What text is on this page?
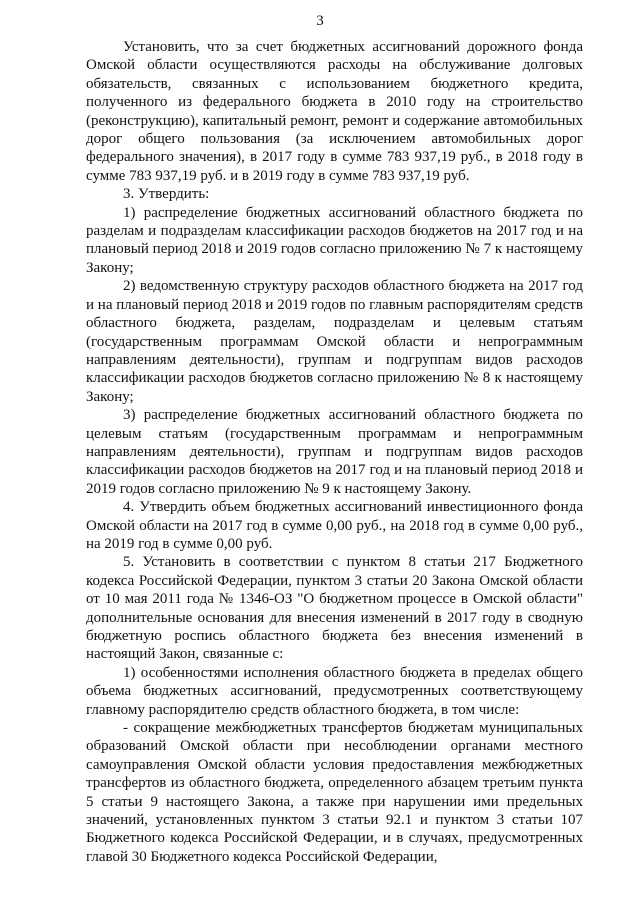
3

Установить, что за счет бюджетных ассигнований дорожного фонда Омской области осуществляются расходы на обслуживание долговых обязательств, связанных с использованием бюджетного кредита, полученного из федерального бюджета в 2010 году на строительство (реконструкцию), капитальный ремонт, ремонт и содержание автомобильных дорог общего пользования (за исключением автомобильных дорог федерального значения), в 2017 году в сумме 783 937,19 руб., в 2018 году в сумме 783 937,19 руб. и в 2019 году в сумме 783 937,19 руб.

3. Утвердить:

1) распределение бюджетных ассигнований областного бюджета по разделам и подразделам классификации расходов бюджетов на 2017 год и на плановый период 2018 и 2019 годов согласно приложению № 7 к настоящему Закону;

2) ведомственную структуру расходов областного бюджета на 2017 год и на плановый период 2018 и 2019 годов по главным распорядителям средств областного бюджета, разделам, подразделам и целевым статьям (государственным программам Омской области и непрограммным направлениям деятельности), группам и подгруппам видов расходов классификации расходов бюджетов согласно приложению № 8 к настоящему Закону;

3) распределение бюджетных ассигнований областного бюджета по целевым статьям (государственным программам и непрограммным направлениям деятельности), группам и подгруппам видов расходов классификации расходов бюджетов на 2017 год и на плановый период 2018 и 2019 годов согласно приложению № 9 к настоящему Закону.

4. Утвердить объем бюджетных ассигнований инвестиционного фонда Омской области на 2017 год в сумме 0,00 руб., на 2018 год в сумме 0,00 руб., на 2019 год в сумме 0,00 руб.

5. Установить в соответствии с пунктом 8 статьи 217 Бюджетного кодекса Российской Федерации, пунктом 3 статьи 20 Закона Омской области от 10 мая 2011 года № 1346-ОЗ "О бюджетном процессе в Омской области" дополнительные основания для внесения изменений в 2017 году в сводную бюджетную роспись областного бюджета без внесения изменений в настоящий Закон, связанные с:

1) особенностями исполнения областного бюджета в пределах общего объема бюджетных ассигнований, предусмотренных соответствующему главному распорядителю средств областного бюджета, в том числе:

- сокращение межбюджетных трансфертов бюджетам муниципальных образований Омской области при несоблюдении органами местного самоуправления Омской области условия предоставления межбюджетных трансфертов из областного бюджета, определенного абзацем третьим пункта 5 статьи 9 настоящего Закона, а также при нарушении ими предельных значений, установленных пунктом 3 статьи 92.1 и пунктом 3 статьи 107 Бюджетного кодекса Российской Федерации, и в случаях, предусмотренных главой 30 Бюджетного кодекса Российской Федерации,
